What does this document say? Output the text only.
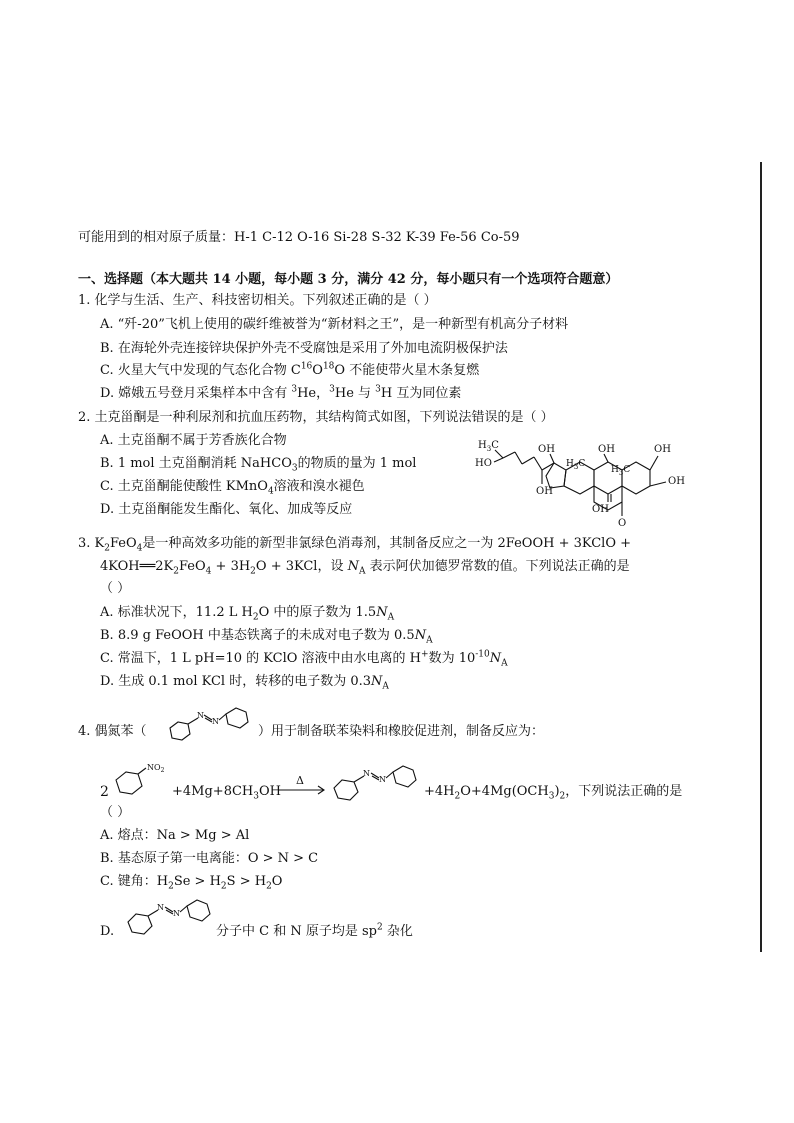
可能用到的相对原子质量：H-1 C-12 O-16 Si-28 S-32 K-39 Fe-56 Co-59
一、选择题（本大题共 14 小题，每小题 3 分，满分 42 分，每小题只有一个选项符合题意）
1. 化学与生活、生产、科技密切相关。下列叙述正确的是（ ）
A. “歼-20”飞机上使用的碳纤维被誉为“新材料之王”，是一种新型有机高分子材料
B. 在海轮外壳连接锌块保护外壳不受腐蚀是采用了外加电流阴极保护法
C. 火星大气中发现的气态化合物 $C^{16}O^{18}O$ 不能使带火星木条复燃
D. 嫦娥五号登月采集样本中含有 $^3$He，$^3$He 与 $^3$H 互为同位素
2. 土克甾酮是一种利尿剂和抗血压药物，其结构简式如图，下列说法错误的是（ ）
A. 土克甾酮不属于芳香族化合物
B. 1 mol 土克甾酮消耗 NaHCO$_3$的物质的量为 1 mol
C. 土克甾酮能使酸性 KMnO$_4$溶液和溴水褪色
D. 土克甾酮能发生酯化、氧化、加成等反应
$H_3C$
HO
OH
OH
$H_3C$
OH
$H_3C$
OH
OH
OH
O
3. $K_2FeO_4$是一种高效多功能的新型非氯绿色消毒剂，其制备反应之一为 2FeOOH + 3KClO +
$4KOH══2K_2FeO_4 + 3H_2O + 3KCl$，设 $N_A$ 表示阿伏加德罗常数的值。下列说法正确的是
（ ）
A. 标准状况下，11.2 L $H_2O$ 中的原子数为 $1.5N_A$
B. 8.9 g FeOOH 中基态铁离子的未成对电子数为 $0.5N_A$
C. 常温下，1 L pH=10 的 KClO 溶液中由水电离的 H+数为 $10^{-10}N_A$
D. 生成 0.1 mol KCl 时，转移的电子数为 $0.3N_A$
4. 偶氮苯（
N
N
）用于制备联苯染料和橡胶促进剂，制备反应为：
2
$NO_2$
$+4Mg+8CH_3OH$
Δ
N
N
$+4H_2O+4Mg(OCH_3)_2$，下列说法正确的是
（ ）
A. 熔点：Na > Mg > Al
B. 基态原子第一电离能：O > N > C
C. 键角：$H_2Se > H_2S > H_2O$
D.
N
N
分子中 C 和 N 原子均是 $sp^2$ 杂化
